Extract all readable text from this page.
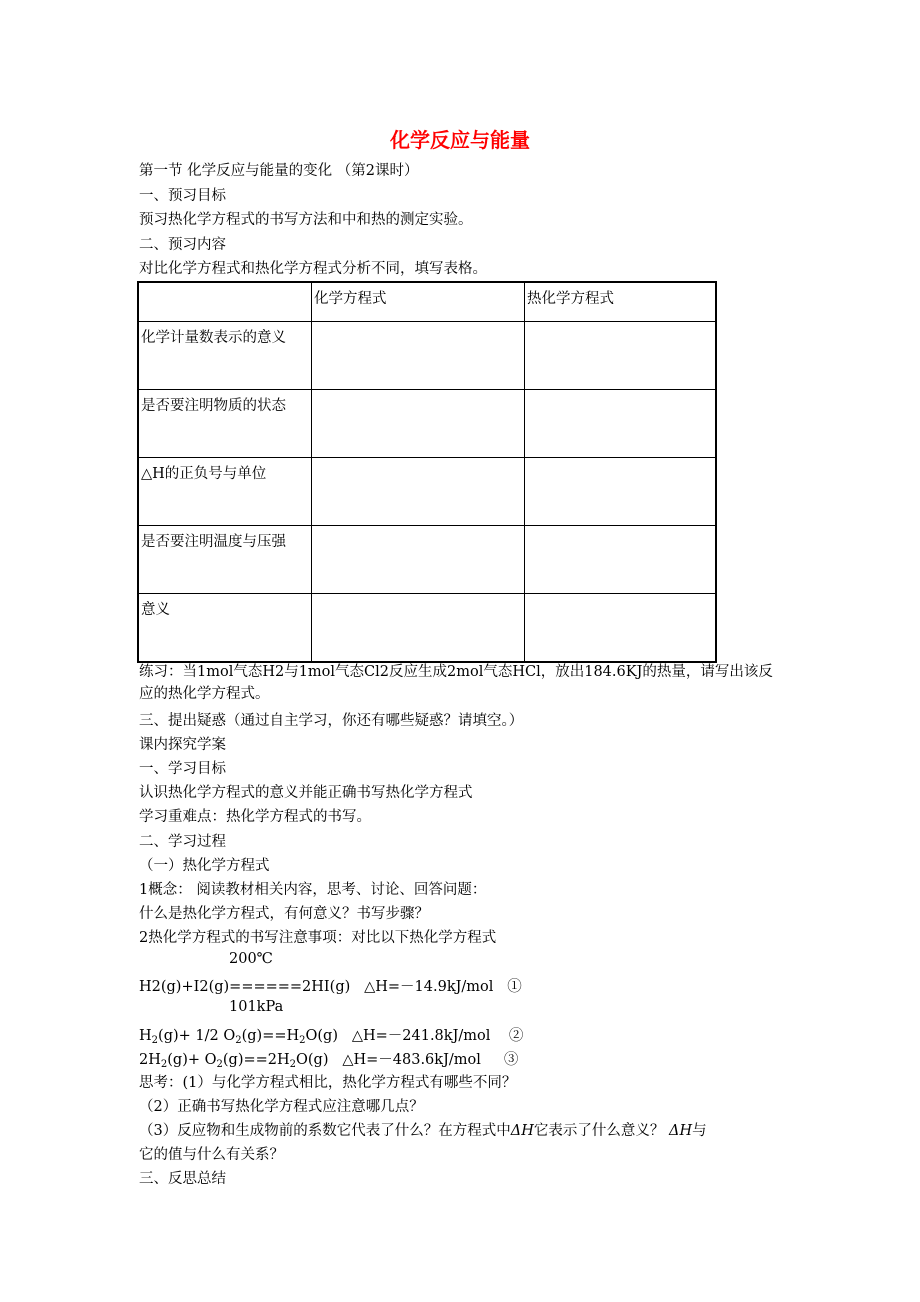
化学反应与能量
第一节 化学反应与能量的变化 （第2课时）
一、预习目标
预习热化学方程式的书写方法和中和热的测定实验。
二、预习内容
对比化学方程式和热化学方程式分析不同，填写表格。
	化学方程式	热化学方程式
化学计量数表示的意义		
是否要注明物质的状态		
△H的正负号与单位		
是否要注明温度与压强		
意义		
练习：当1mol气态H2与1mol气态Cl2反应生成2mol气态HCl，放出184.6KJ的热量，请写出该反应的热化学方程式。
三、提出疑惑（通过自主学习，你还有哪些疑惑？请填空。）
课内探究学案
一、学习目标
认识热化学方程式的意义并能正确书写热化学方程式
学习重难点：热化学方程式的书写。
二、学习过程
（一）热化学方程式
1概念： 阅读教材相关内容，思考、讨论、回答问题：
什么是热化学方程式，有何意义？书写步骤？
2热化学方程式的书写注意事项：对比以下热化学方程式
200℃
H2(g)+I2(g)======2HI(g)   △H=－14.9kJ/mol   ①
101kPa
$H_2(g)+ 1/2$ $O_2(g)==H_2O(g)$   △H=－241.8kJ/mol    ②
$2H_2(g)+ O_2(g)==2H_2O(g)$   △H=－483.6kJ/mol     ③
思考：(1）与化学方程式相比，热化学方程式有哪些不同？
（2）正确书写热化学方程式应注意哪几点？
（3）反应物和生成物前的系数它代表了什么？在方程式中ΔH它表示了什么意义？ ΔH与
它的值与什么有关系？
三、反思总结
